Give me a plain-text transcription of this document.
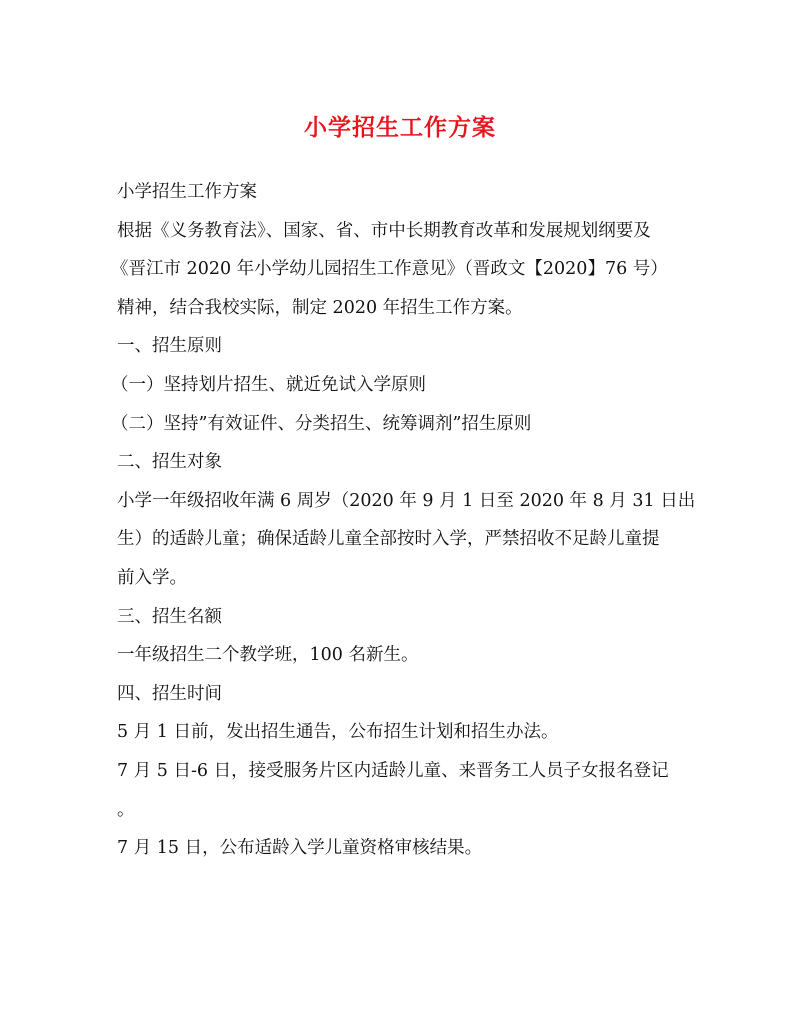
小学招生工作方案
小学招生工作方案
根据《义务教育法》、国家、省、市中长期教育改革和发展规划纲要及
《晋江市 2020 年小学幼儿园招生工作意见》（晋政文【2020】76 号）
精神，结合我校实际，制定 2020 年招生工作方案。
一、招生原则
（一）坚持划片招生、就近免试入学原则
（二）坚持”有效证件、分类招生、统筹调剂”招生原则
二、招生对象
小学一年级招收年满 6 周岁（2020 年 9 月 1 日至 2020 年 8 月 31 日出
生）的适龄儿童；确保适龄儿童全部按时入学，严禁招收不足龄儿童提
前入学。
三、招生名额
一年级招生二个教学班，100 名新生。
四、招生时间
5 月 1 日前，发出招生通告，公布招生计划和招生办法。
7 月 5 日-6 日，接受服务片区内适龄儿童、来晋务工人员子女报名登记
。
7 月 15 日，公布适龄入学儿童资格审核结果。
